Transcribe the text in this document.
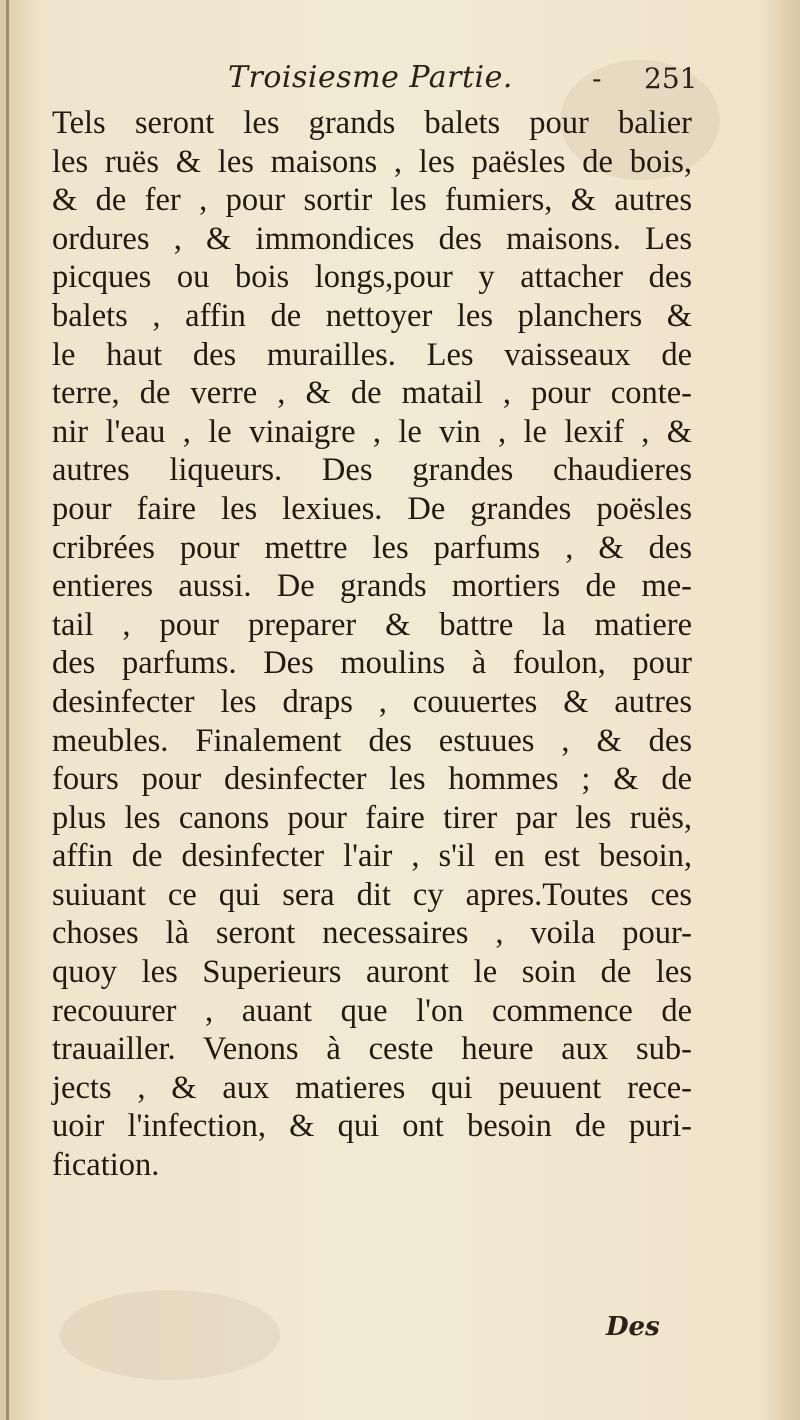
Troisiesme Partie.	- 251
Tels seront les grands balets pour balier
les ruës & les maisons , les paësles de bois,
& de fer , pour sortir les fumiers, & autres
ordures , & immondices des maisons. Les
picques ou bois longs,pour y attacher des
balets , affin de nettoyer les planchers &
le haut des murailles. Les vaisseaux de
terre, de verre , & de matail , pour conte-
nir l'eau , le vinaigre , le vin , le lexif , &
autres liqueurs. Des grandes chaudieres
pour faire les lexiues. De grandes poësles
cribrées pour mettre les parfums , & des
entieres aussi. De grands mortiers de me-
tail , pour preparer & battre la matiere
des parfums. Des moulins à foulon, pour
desinfecter les draps , couuertes & autres
meubles. Finalement des estuues , & des
fours pour desinfecter les hommes ; & de
plus les canons pour faire tirer par les ruës,
affin de desinfecter l'air , s'il en est besoin,
suiuant ce qui sera dit cy apres.Toutes ces
choses là seront necessaires , voila pour-
quoy les Superieurs auront le soin de les
recouurer , auant que l'on commence de
trauailler. Venons à ceste heure aux sub-
jects , & aux matieres qui peuuent rece-
uoir l'infection, & qui ont besoin de puri-
fication.
Des
